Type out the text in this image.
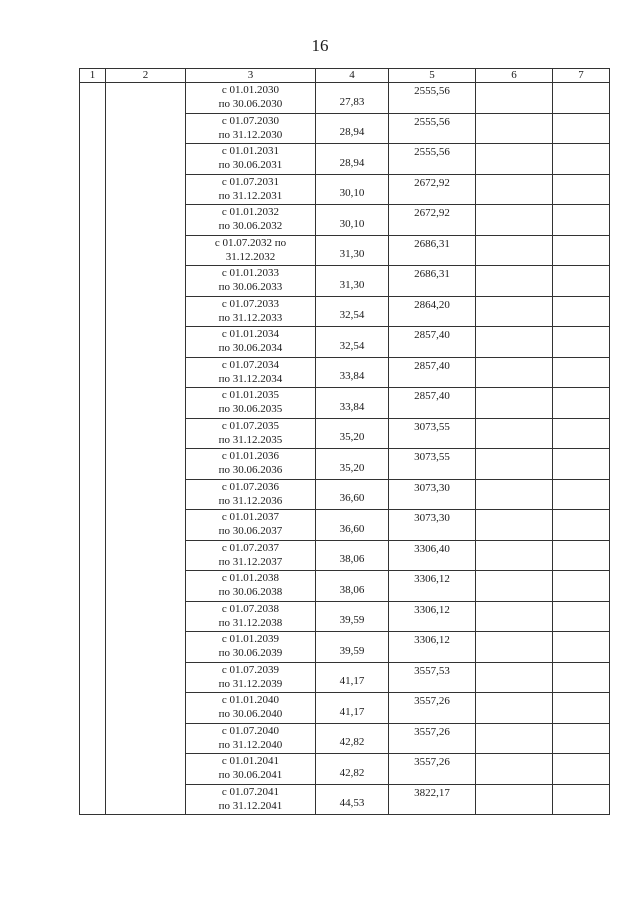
16
1	2	3	4	5	6	7

		с 01.01.2030
по 30.06.2030	27,83	2555,56		

		с 01.07.2030
по 31.12.2030	28,94	2555,56		

		с 01.01.2031
по 30.06.2031	28,94	2555,56		

		с 01.07.2031
по 31.12.2031	30,10	2672,92		

		с 01.01.2032
по 30.06.2032	30,10	2672,92		

		с 01.07.2032 по
31.12.2032	31,30	2686,31		

		с 01.01.2033
по 30.06.2033	31,30	2686,31		

		с 01.07.2033
по 31.12.2033	32,54	2864,20		

		с 01.01.2034
по 30.06.2034	32,54	2857,40		

		с 01.07.2034
по 31.12.2034	33,84	2857,40		

		с 01.01.2035
по 30.06.2035	33,84	2857,40		

		с 01.07.2035
по 31.12.2035	35,20	3073,55		

		с 01.01.2036
по 30.06.2036	35,20	3073,55		

		с 01.07.2036
по 31.12.2036	36,60	3073,30		

		с 01.01.2037
по 30.06.2037	36,60	3073,30		

		с 01.07.2037
по 31.12.2037	38,06	3306,40		

		с 01.01.2038
по 30.06.2038	38,06	3306,12		

		с 01.07.2038
по 31.12.2038	39,59	3306,12		

		с 01.01.2039
по 30.06.2039	39,59	3306,12		

		с 01.07.2039
по 31.12.2039	41,17	3557,53		

		с 01.01.2040
по 30.06.2040	41,17	3557,26		

		с 01.07.2040
по 31.12.2040	42,82	3557,26		

		с 01.01.2041
по 30.06.2041	42,82	3557,26		

		с 01.07.2041
по 31.12.2041	44,53	3822,17		
